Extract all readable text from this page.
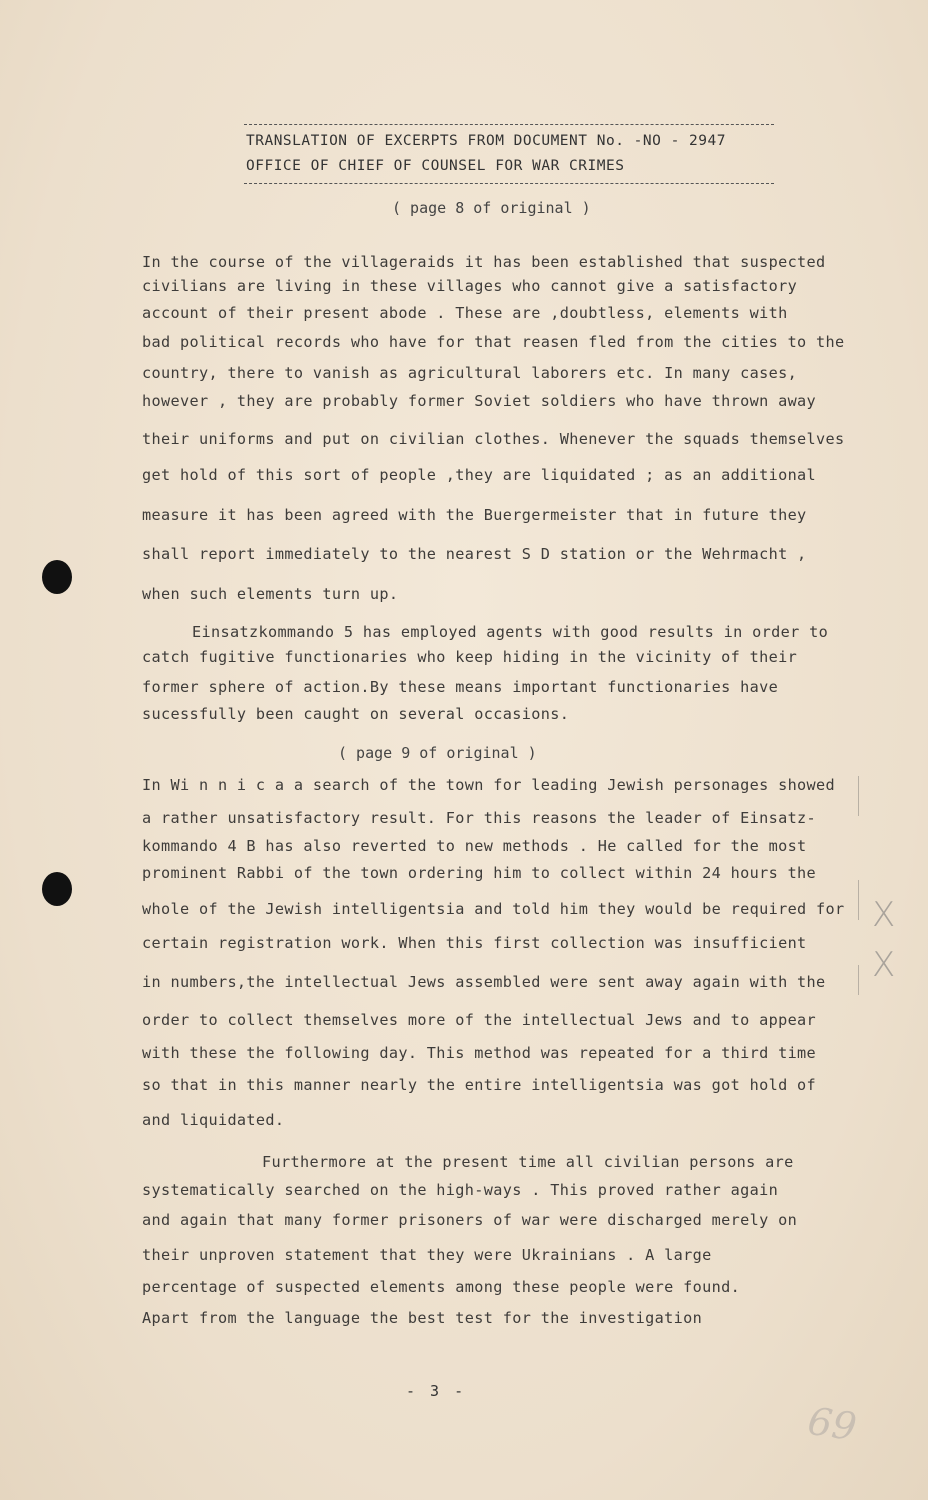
TRANSLATION OF EXCERPTS FROM DOCUMENT No. -NO - 2947
OFFICE OF CHIEF OF COUNSEL FOR WAR CRIMES
( page 8 of original )
In the course of the villageraids it has been established that suspected
civilians are living in these villages who cannot give a satisfactory
account of their present abode . These are ,doubtless, elements with
bad political records who have for that reasen fled from the cities to the
country, there to vanish as agricultural laborers etc. In many cases,
however , they are probably former Soviet soldiers who have thrown away
their uniforms and put on civilian clothes. Whenever the squads themselves
get hold of this sort of people ,they are liquidated ; as an additional
measure it has been agreed with the Buergermeister that in future they
shall report immediately to the nearest S D station or the Wehrmacht ,
when such elements turn up.
Einsatzkommando 5 has employed agents with good results in order to
catch fugitive functionaries who keep hiding in the vicinity of their
former sphere of action.By these means important functionaries have
sucessfully been caught on several occasions.
( page 9 of original )
In Wi n n i c a a search of the town for leading Jewish personages showed
a rather unsatisfactory result. For this reasons the leader of Einsatz-
kommando 4 B has also reverted to new methods . He called for the most
prominent Rabbi of the town ordering him to collect within 24 hours the
whole of the Jewish intelligentsia and told him they would be required for
certain registration work. When this first collection was insufficient
in numbers,the intellectual Jews assembled were sent away again with the
order to collect themselves more of the intellectual Jews and to appear
with these the following day. This method was repeated for a third time
so that in this manner nearly the entire intelligentsia was got hold of
and liquidated.
Furthermore at the present time all civilian persons are
systematically searched on the high-ways . This proved rather again
and again that many former prisoners of war were discharged merely on
their unproven statement that they were Ukrainians . A large
percentage of suspected elements among these people were found.
Apart from the language the best test for the investigation
- 3 -
X
X
69
